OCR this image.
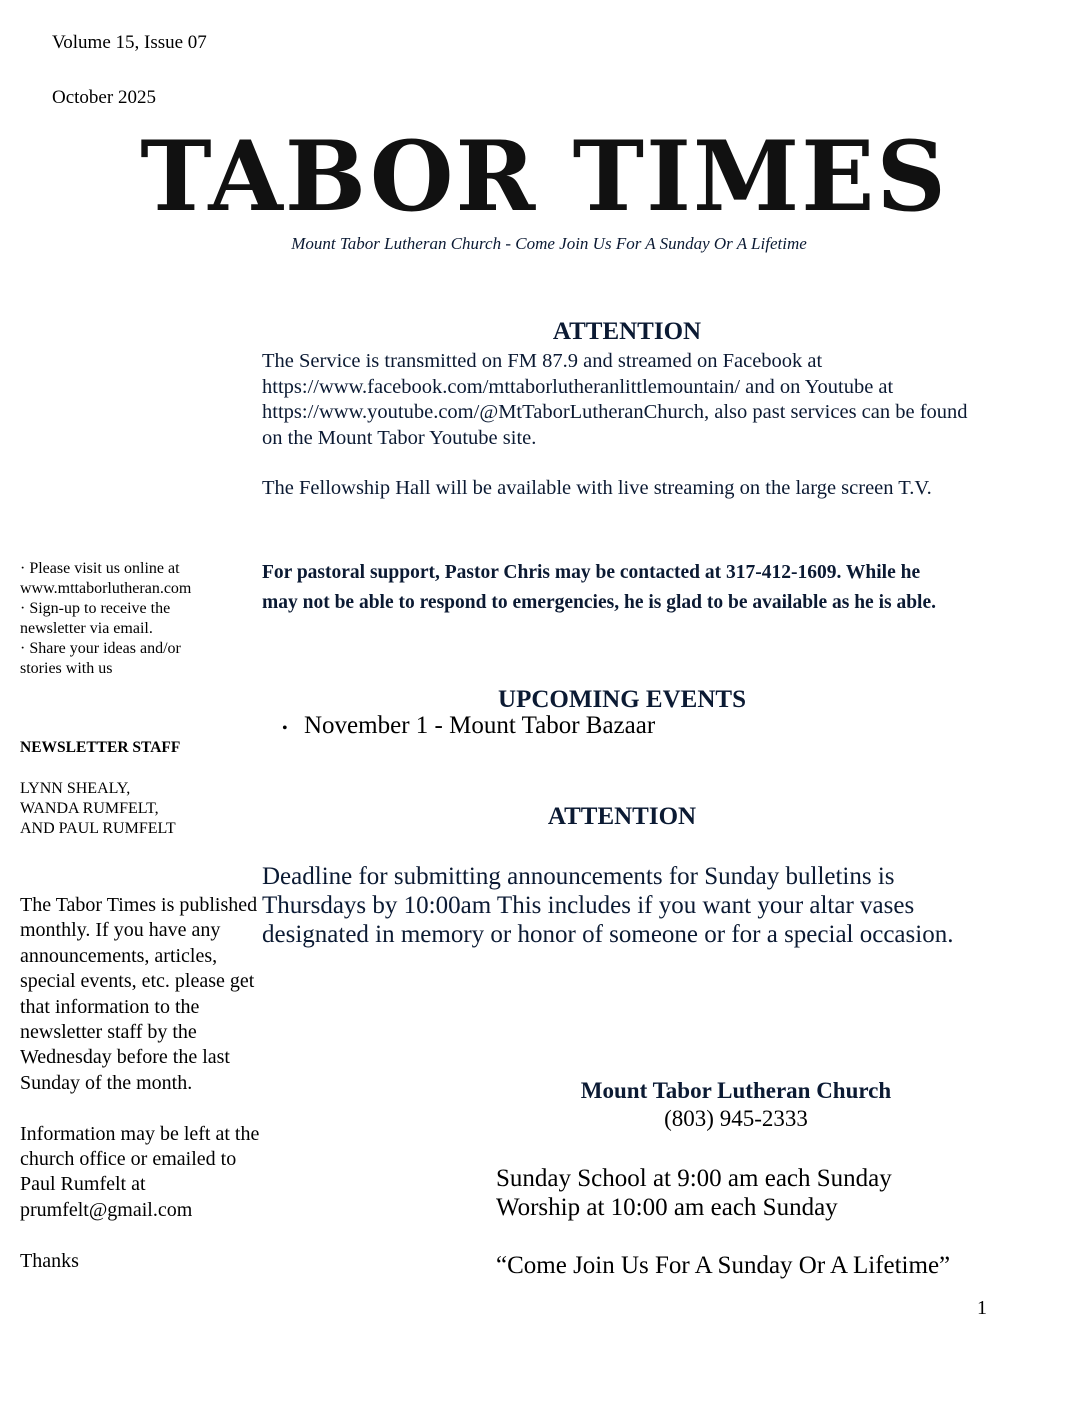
Volume 15, Issue 07
October 2025
TABOR TIMES
Mount Tabor Lutheran Church - Come Join Us For A Sunday Or A Lifetime
ATTENTION

The Service is transmitted on FM 87.9 and streamed on Facebook at https://www.facebook.com/mttaborlutheranlittlemountain/ and on Youtube at https://www.youtube.com/@MtTaborLutheranChurch, also past services can be found on the Mount Tabor Youtube site.

The Fellowship Hall will be available with live streaming on the large screen T.V.

For pastoral support, Pastor Chris may be contacted at 317-412-1609. While he may not be able to respond to emergencies, he is glad to be available as he is able.
UPCOMING EVENTS
• November 1 - Mount Tabor Bazaar
ATTENTION
Deadline for submitting announcements for Sunday bulletins is Thursdays by 10:00am This includes if you want your altar vases designated in memory or honor of someone or for a special occasion.
· Please visit us online at
www.mttaborlutheran.com
· Sign-up to receive the
newsletter via email.
· Share your ideas and/or
stories with us
NEWSLETTER STAFF
LYNN SHEALY,
WANDA RUMFELT,
AND PAUL RUMFELT

The Tabor Times is published monthly. If you have any announcements, articles, special events, etc. please get that information to the newsletter staff by the Wednesday before the last Sunday of the month.

Information may be left at the church office or emailed to Paul Rumfelt at prumfelt@gmail.com

Thanks

Mount Tabor Lutheran Church
(803) 945-2333
Sunday School at 9:00 am each Sunday
Worship at 10:00 am each Sunday
“Come Join Us For A Sunday Or A Lifetime”
1
